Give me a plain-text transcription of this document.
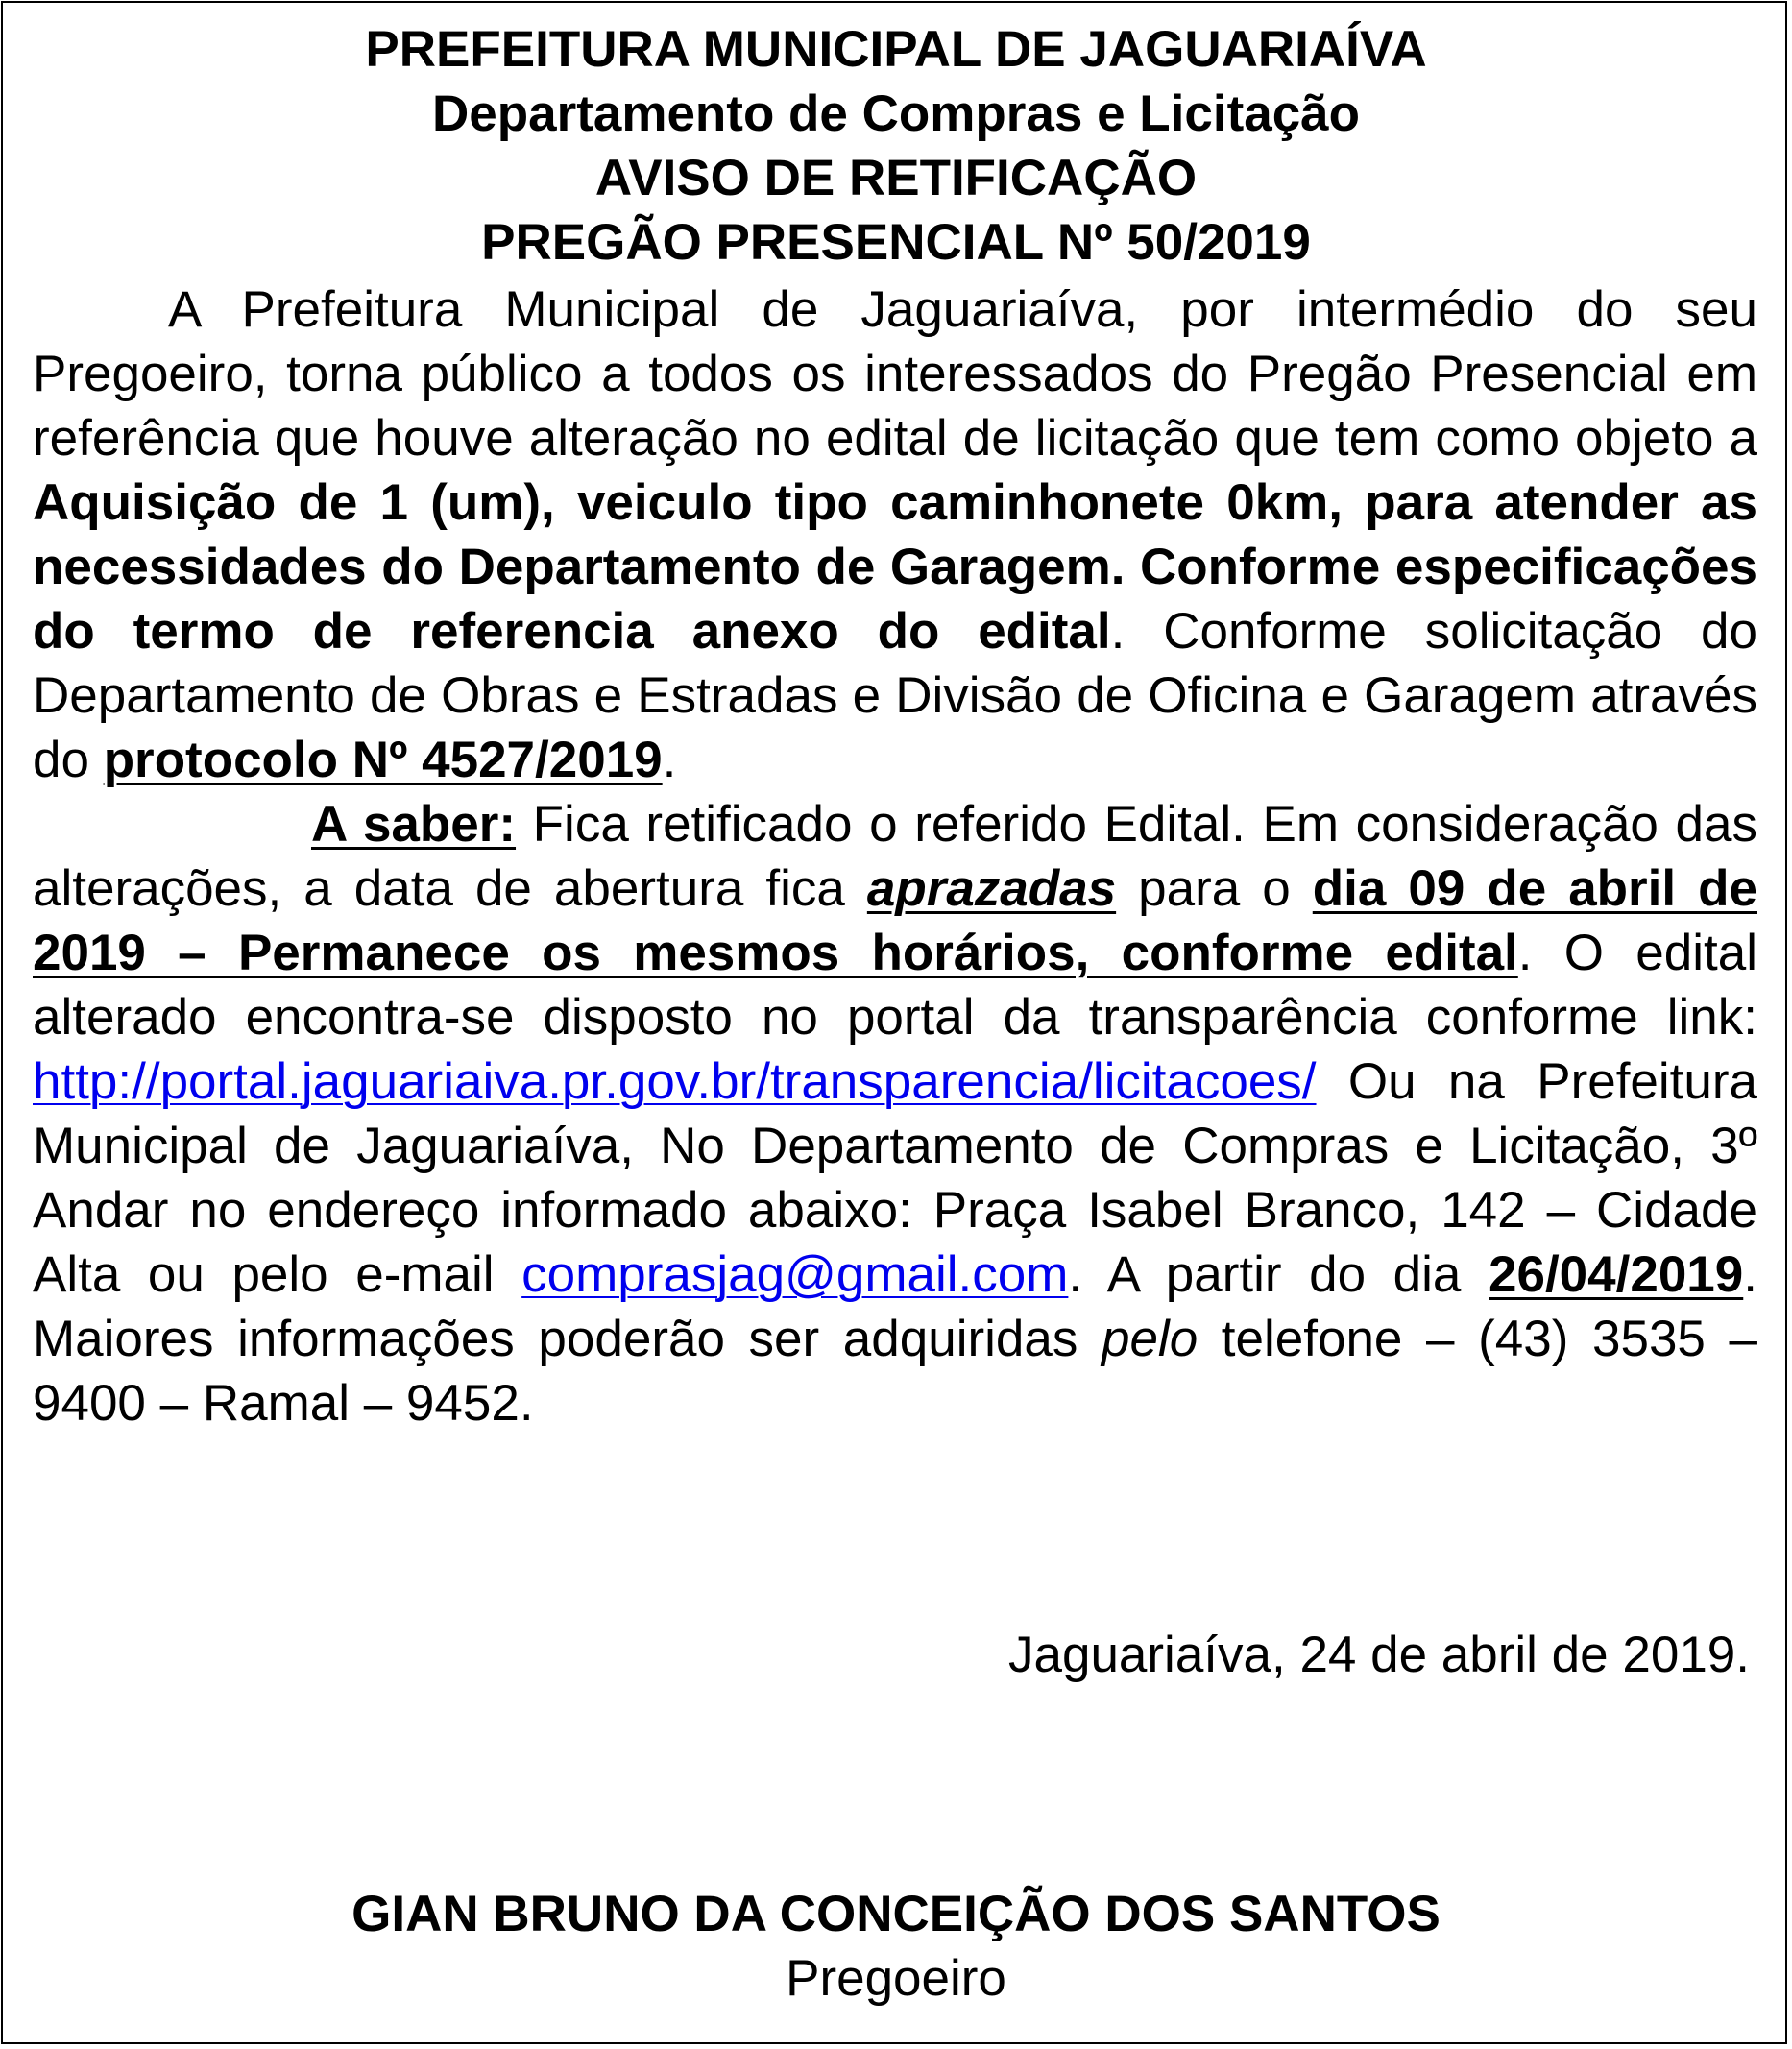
PREFEITURA MUNICIPAL DE JAGUARIAÍVA
Departamento de Compras e Licitação
AVISO DE RETIFICAÇÃO
PREGÃO PRESENCIAL Nº 50/2019

A Prefeitura Municipal de Jaguariaíva, por intermédio do seu Pregoeiro, torna público a todos os interessados do Pregão Presencial em referência que houve alteração no edital de licitação que tem como objeto a Aquisição de 1 (um), veiculo tipo caminhonete 0km, para atender as necessidades do Departamento de Garagem. Conforme especificações do termo de referencia anexo do edital. Conforme solicitação do Departamento de Obras e Estradas e Divisão de Oficina e Garagem através do protocolo Nº 4527/2019.

A saber: Fica retificado o referido Edital. Em consideração das alterações, a data de abertura fica aprazadas para o dia 09 de abril de 2019 – Permanece os mesmos horários, conforme edital. O edital alterado encontra-se disposto no portal da transparência conforme link: http://portal.jaguariaiva.pr.gov.br/transparencia/licitacoes/ Ou na Prefeitura Municipal de Jaguariaíva, No Departamento de Compras e Licitação, 3º Andar no endereço informado abaixo: Praça Isabel Branco, 142 – Cidade Alta ou pelo e-mail comprasjag@gmail.com. A partir do dia 26/04/2019. Maiores informações poderão ser adquiridas pelo telefone – (43) 3535 – 9400 – Ramal – 9452.

Jaguariaíva, 24 de abril de 2019.
GIAN BRUNO DA CONCEIÇÃO DOS SANTOS
Pregoeiro
